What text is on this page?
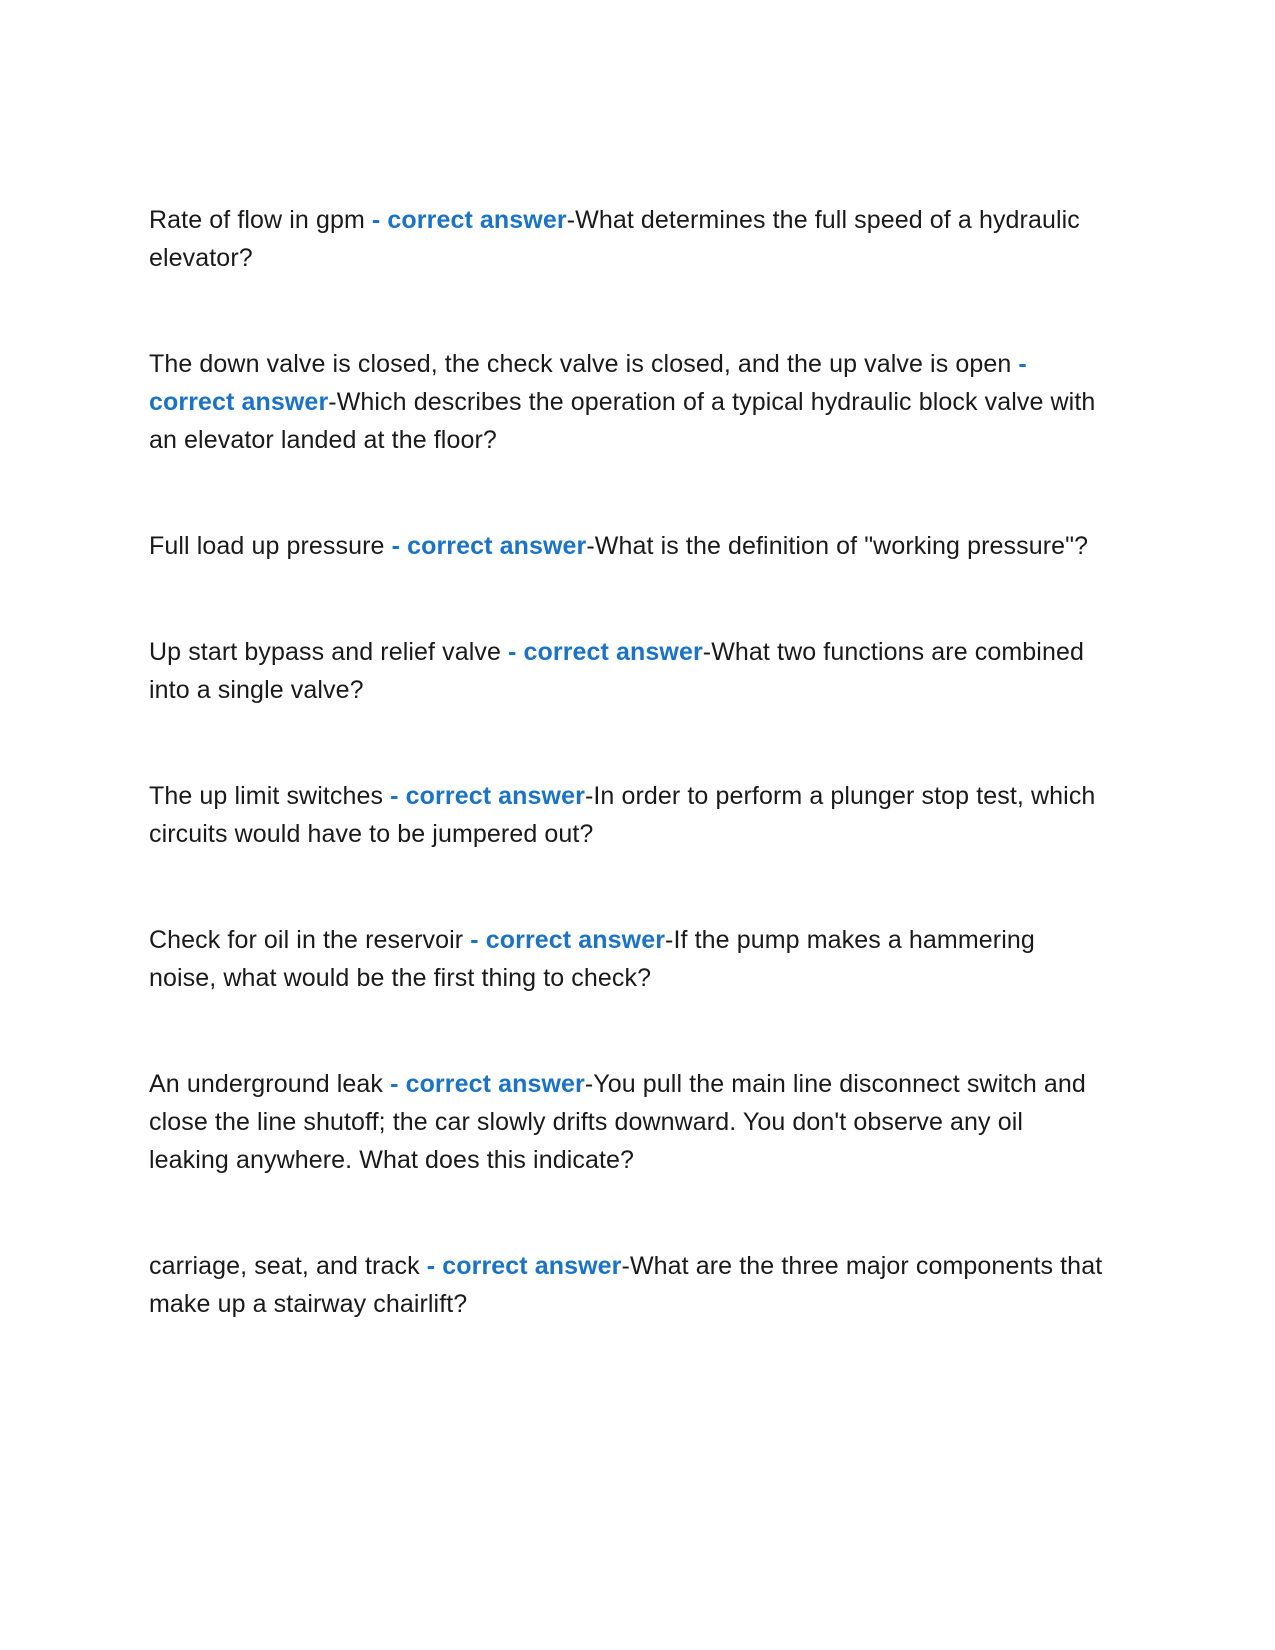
Rate of flow in gpm - correct answer-What determines the full speed of a hydraulic elevator?

The down valve is closed, the check valve is closed, and the up valve is open - correct answer-Which describes the operation of a typical hydraulic block valve with an elevator landed at the floor?

Full load up pressure - correct answer-What is the definition of "working pressure"?

Up start bypass and relief valve - correct answer-What two functions are combined into a single valve?

The up limit switches - correct answer-In order to perform a plunger stop test, which circuits would have to be jumpered out?

Check for oil in the reservoir - correct answer-If the pump makes a hammering noise, what would be the first thing to check?

An underground leak - correct answer-You pull the main line disconnect switch and close the line shutoff; the car slowly drifts downward. You don't observe any oil leaking anywhere. What does this indicate?

carriage, seat, and track - correct answer-What are the three major components that make up a stairway chairlift?
